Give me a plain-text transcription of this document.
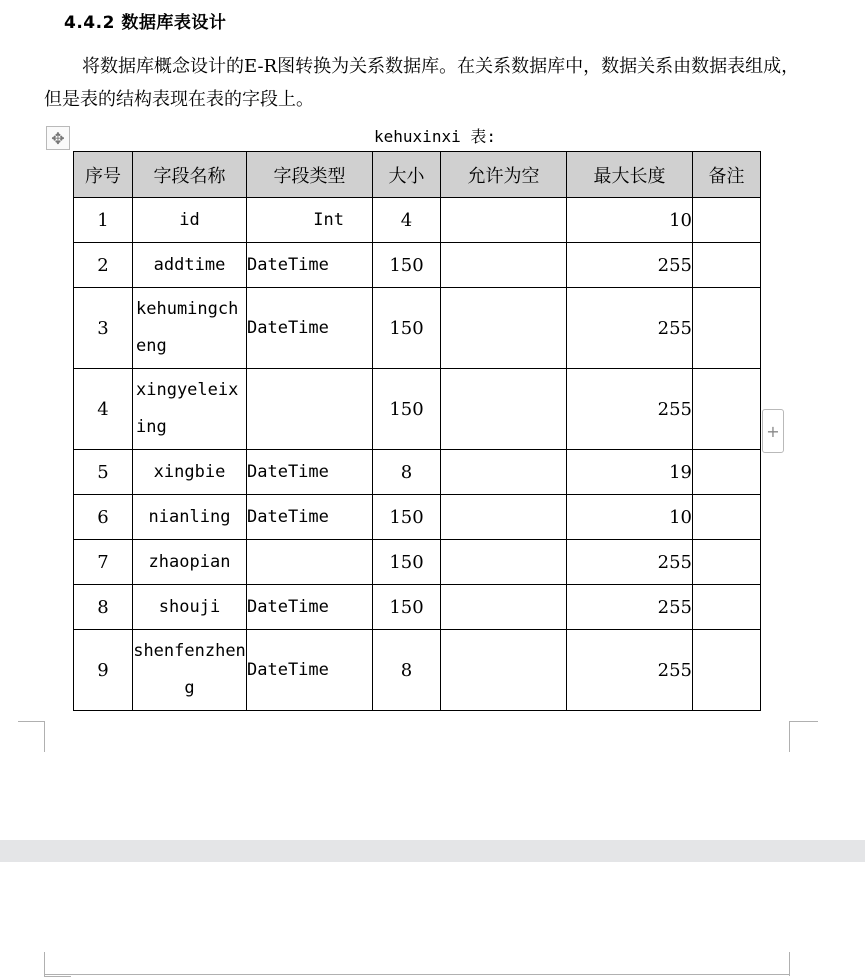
4.4.2 数据库表设计
将数据库概念设计的E-R图转换为关系数据库。在关系数据库中，数据关系由数据表组成，但是表的结构表现在表的字段上。
✥	kehuxinxi 表:
序号	字段名称	字段类型	大小	允许为空	最大长度	备注
1	id	Int	4		10	
2	addtime	DateTime	150		255	
3	kehumingcheng	DateTime	150		255	
4	xingyeleixing		150		255	
5	xingbie	DateTime	8		19	
6	nianling	DateTime	150		10	
7	zhaopian		150		255	
8	shouji	DateTime	150		255	
9	shenfenzheng	DateTime	8		255	
+
